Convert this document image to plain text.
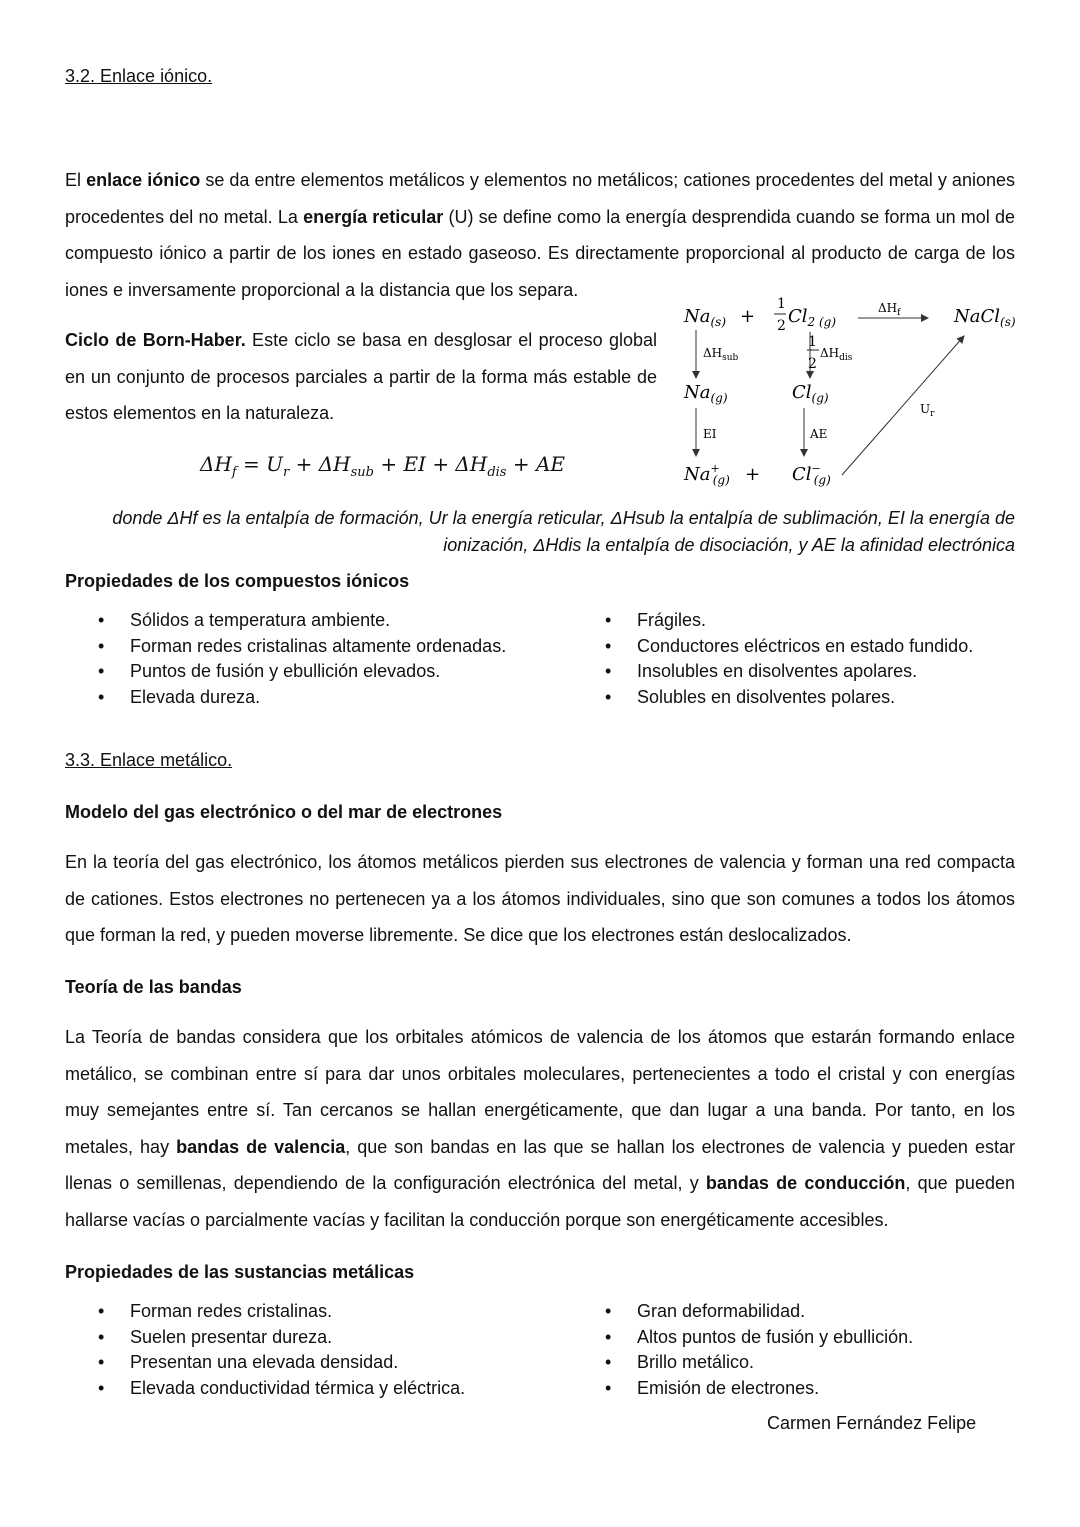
3.2. Enlace iónico.

El enlace iónico se da entre elementos metálicos y elementos no metálicos; cationes procedentes del metal y aniones procedentes del no metal. La energía reticular (U) se define como la energía desprendida cuando se forma un mol de compuesto iónico a partir de los iones en estado gaseoso. Es directamente proporcional al producto de carga de los iones e inversamente proporcional a la distancia que los separa.

Ciclo de Born-Haber. Este ciclo se basa en desglosar el proceso global en un conjunto de procesos parciales a partir de la forma más estable de estos elementos en la naturaleza.

$\Delta H_f = U_r + \Delta H_{sub}$ + EI + $\Delta H_{dis}$ + AE
$Na_{(s)}$ +
1
2 $Cl_{2 (g)}$
$\Delta H_f$	NaCl$_{(s)}$
$\Delta H_{sub}$
1
2
$\Delta H_{dis}$
$Na_{(g)}$	$Cl_{(g)}$
$U_r$
EI	AE
Na+ (g) + Cl− (g)
donde ΔHf es la entalpía de formación, Ur la energía reticular, ΔHsub la entalpía de sublimación, EI la energía de
ionización, ΔHdis la entalpía de disociación, y AE la afinidad electrónica
Propiedades de los compuestos iónicos
• Sólidos a temperatura ambiente.
• Forman redes cristalinas altamente ordenadas.
• Puntos de fusión y ebullición elevados.
• Elevada dureza.
• Frágiles.
• Conductores eléctricos en estado fundido.
• Insolubles en disolventes apolares.
• Solubles en disolventes polares.
3.3. Enlace metálico.
Modelo del gas electrónico o del mar de electrones

En la teoría del gas electrónico, los átomos metálicos pierden sus electrones de valencia y forman una red compacta de cationes. Estos electrones no pertenecen ya a los átomos individuales, sino que son comunes a todos los átomos que forman la red, y pueden moverse libremente. Se dice que los electrones están deslocalizados.

Teoría de las bandas

La Teoría de bandas considera que los orbitales atómicos de valencia de los átomos que estarán formando enlace metálico, se combinan entre sí para dar unos orbitales moleculares, pertenecientes a todo el cristal y con energías muy semejantes entre sí. Tan cercanos se hallan energéticamente, que dan lugar a una banda. Por tanto, en los metales, hay bandas de valencia, que son bandas en las que se hallan los electrones de valencia y pueden estar llenas o semillenas, dependiendo de la configuración electrónica del metal, y bandas de conducción, que pueden hallarse vacías o parcialmente vacías y facilitan la conducción porque son energéticamente accesibles.

Propiedades de las sustancias metálicas
• Forman redes cristalinas.
• Suelen presentar dureza.
• Presentan una elevada densidad.
• Elevada conductividad térmica y eléctrica.
• Gran deformabilidad.
• Altos puntos de fusión y ebullición.
• Brillo metálico.
• Emisión de electrones.
Carmen Fernández Felipe
